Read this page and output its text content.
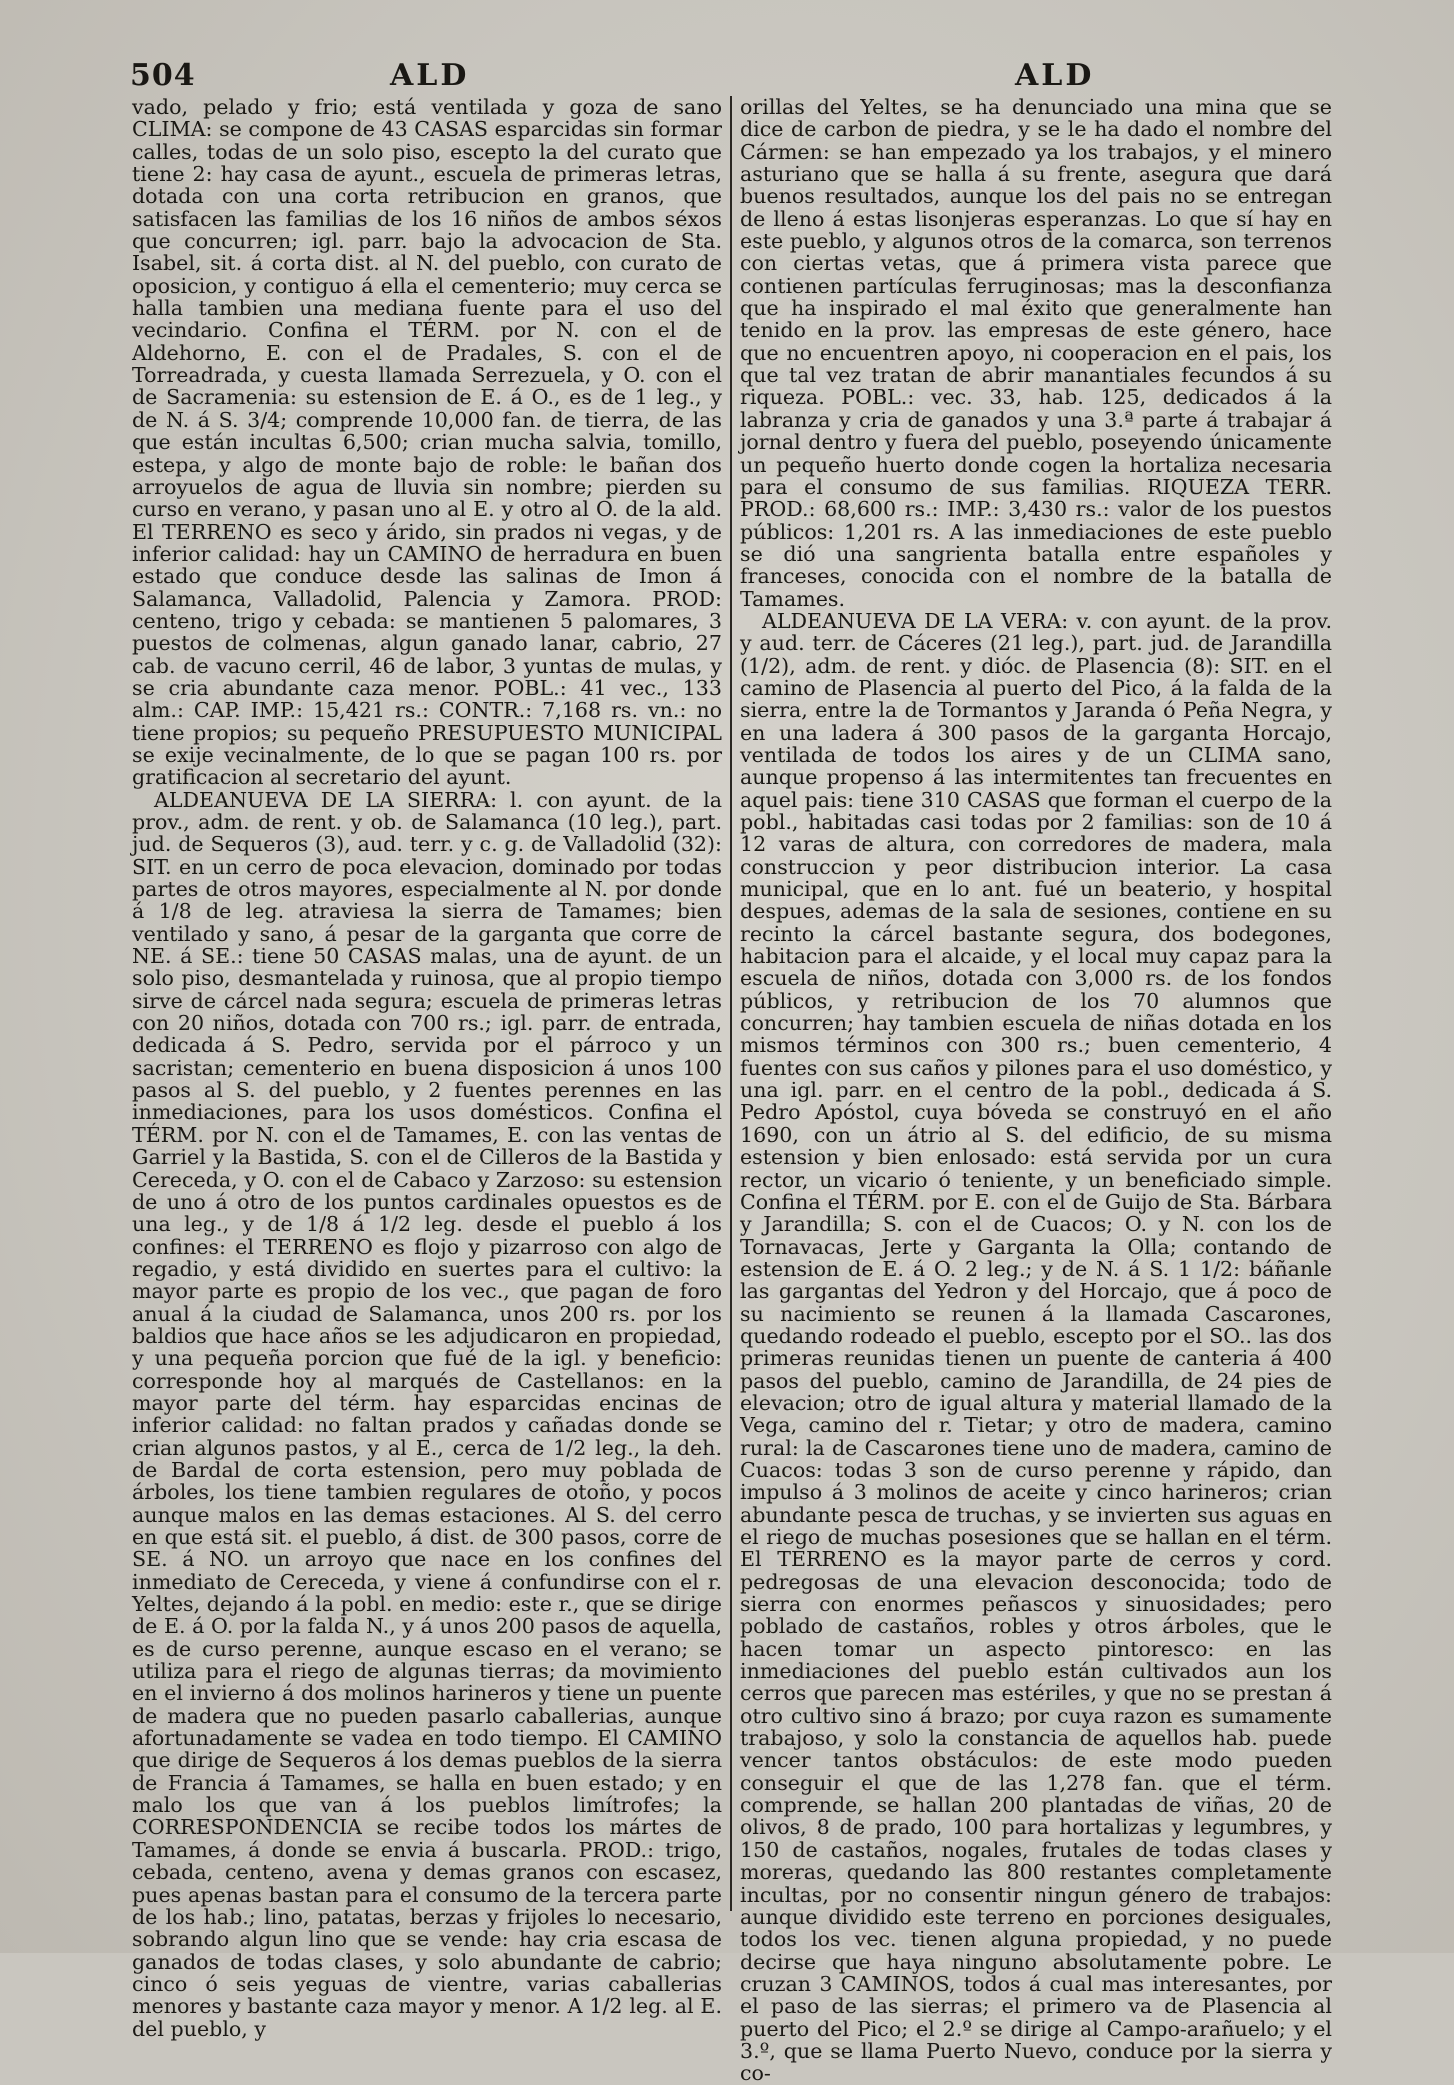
504	ALD	ALD

vado, pelado y frio; está ventilada y goza de sano CLIMA: se compone de 43 CASAS esparcidas sin formar calles, todas de un solo piso, escepto la del curato que tiene 2: hay casa de ayunt., escuela de primeras letras, dotada con una corta retribucion en granos, que satisfacen las familias de los 16 niños de ambos séxos que concurren; igl. parr. bajo la advocacion de Sta. Isabel, sit. á corta dist. al N. del pueblo, con curato de oposicion, y contiguo á ella el cementerio; muy cerca se halla tambien una mediana fuente para el uso del vecindario. Confina el TÉRM. por N. con el de Aldehorno, E. con el de Pradales, S. con el de Torreadrada, y cuesta llamada Serrezuela, y O. con el de Sacramenia: su estension de E. á O., es de 1 leg., y de N. á S. 3/4; comprende 10,000 fan. de tierra, de las que están incultas 6,500; crian mucha salvia, tomillo, estepa, y algo de monte bajo de roble: le bañan dos arroyuelos de agua de lluvia sin nombre; pierden su curso en verano, y pasan uno al E. y otro al O. de la ald. El TERRENO es seco y árido, sin prados ni vegas, y de inferior calidad: hay un CAMINO de herradura en buen estado que conduce desde las salinas de Imon á Salamanca, Valladolid, Palencia y Zamora. PROD: centeno, trigo y cebada: se mantienen 5 palomares, 3 puestos de colmenas, algun ganado lanar, cabrio, 27 cab. de vacuno cerril, 46 de labor, 3 yuntas de mulas, y se cria abundante caza menor. POBL.: 41 vec., 133 alm.: CAP. IMP.: 15,421 rs.: CONTR.: 7,168 rs. vn.: no tiene propios; su pequeño PRESUPUESTO MUNICIPAL se exije vecinalmente, de lo que se pagan 100 rs. por gratificacion al secretario del ayunt.

ALDEANUEVA DE LA SIERRA: l. con ayunt. de la prov., adm. de rent. y ob. de Salamanca (10 leg.), part. jud. de Sequeros (3), aud. terr. y c. g. de Valladolid (32): SIT. en un cerro de poca elevacion, dominado por todas partes de otros mayores, especialmente al N. por donde á 1/8 de leg. atraviesa la sierra de Tamames; bien ventilado y sano, á pesar de la garganta que corre de NE. á SE.: tiene 50 CASAS malas, una de ayunt. de un solo piso, desmantelada y ruinosa, que al propio tiempo sirve de cárcel nada segura; escuela de primeras letras con 20 niños, dotada con 700 rs.; igl. parr. de entrada, dedicada á S. Pedro, servida por el párroco y un sacristan; cementerio en buena disposicion á unos 100 pasos al S. del pueblo, y 2 fuentes perennes en las inmediaciones, para los usos domésticos. Confina el TÉRM. por N. con el de Tamames, E. con las ventas de Garriel y la Bastida, S. con el de Cilleros de la Bastida y Cereceda, y O. con el de Cabaco y Zarzoso: su estension de uno á otro de los puntos cardinales opuestos es de una leg., y de 1/8 á 1/2 leg. desde el pueblo á los confines: el TERRENO es flojo y pizarroso con algo de regadio, y está dividido en suertes para el cultivo: la mayor parte es propio de los vec., que pagan de foro anual á la ciudad de Salamanca, unos 200 rs. por los baldios que hace años se les adjudicaron en propiedad, y una pequeña porcion que fué de la igl. y beneficio: corresponde hoy al marqués de Castellanos: en la mayor parte del térm. hay esparcidas encinas de inferior calidad: no faltan prados y cañadas donde se crian algunos pastos, y al E., cerca de 1/2 leg., la deh. de Bardal de corta estension, pero muy poblada de árboles, los tiene tambien regulares de otoño, y pocos aunque malos en las demas estaciones. Al S. del cerro en que está sit. el pueblo, á dist. de 300 pasos, corre de SE. á NO. un arroyo que nace en los confines del inmediato de Cereceda, y viene á confundirse con el r. Yeltes, dejando á la pobl. en medio: este r., que se dirige de E. á O. por la falda N., y á unos 200 pasos de aquella, es de curso perenne, aunque escaso en el verano; se utiliza para el riego de algunas tierras; da movimiento en el invierno á dos molinos harineros y tiene un puente de madera que no pueden pasarlo caballerias, aunque afortunadamente se vadea en todo tiempo. El CAMINO que dirige de Sequeros á los demas pueblos de la sierra de Francia á Tamames, se halla en buen estado; y en malo los que van á los pueblos limítrofes; la CORRESPONDENCIA se recibe todos los mártes de Tamames, á donde se envia á buscarla. PROD.: trigo, cebada, centeno, avena y demas granos con escasez, pues apenas bastan para el consumo de la tercera parte de los hab.; lino, patatas, berzas y frijoles lo necesario, sobrando algun lino que se vende: hay cria escasa de ganados de todas clases, y solo abundante de cabrio; cinco ó seis yeguas de vientre, varias caballerias menores y bastante caza mayor y menor. A 1/2 leg. al E. del pueblo, y

orillas del Yeltes, se ha denunciado una mina que se dice de carbon de piedra, y se le ha dado el nombre del Cármen: se han empezado ya los trabajos, y el minero asturiano que se halla á su frente, asegura que dará buenos resultados, aunque los del pais no se entregan de lleno á estas lisonjeras esperanzas. Lo que sí hay en este pueblo, y algunos otros de la comarca, son terrenos con ciertas vetas, que á primera vista parece que contienen partículas ferruginosas; mas la desconfianza que ha inspirado el mal éxito que generalmente han tenido en la prov. las empresas de este género, hace que no encuentren apoyo, ni cooperacion en el pais, los que tal vez tratan de abrir manantiales fecundos á su riqueza. POBL.: vec. 33, hab. 125, dedicados á la labranza y cria de ganados y una 3.ª parte á trabajar á jornal dentro y fuera del pueblo, poseyendo únicamente un pequeño huerto donde cogen la hortaliza necesaria para el consumo de sus familias. RIQUEZA TERR. PROD.: 68,600 rs.: IMP.: 3,430 rs.: valor de los puestos públicos: 1,201 rs. A las inmediaciones de este pueblo se dió una sangrienta batalla entre españoles y franceses, conocida con el nombre de la batalla de Tamames.

ALDEANUEVA DE LA VERA: v. con ayunt. de la prov. y aud. terr. de Cáceres (21 leg.), part. jud. de Jarandilla (1/2), adm. de rent. y dióc. de Plasencia (8): SIT. en el camino de Plasencia al puerto del Pico, á la falda de la sierra, entre la de Tormantos y Jaranda ó Peña Negra, y en una ladera á 300 pasos de la garganta Horcajo, ventilada de todos los aires y de un CLIMA sano, aunque propenso á las intermitentes tan frecuentes en aquel pais: tiene 310 CASAS que forman el cuerpo de la pobl., habitadas casi todas por 2 familias: son de 10 á 12 varas de altura, con corredores de madera, mala construccion y peor distribucion interior. La casa municipal, que en lo ant. fué un beaterio, y hospital despues, ademas de la sala de sesiones, contiene en su recinto la cárcel bastante segura, dos bodegones, habitacion para el alcaide, y el local muy capaz para la escuela de niños, dotada con 3,000 rs. de los fondos públicos, y retribucion de los 70 alumnos que concurren; hay tambien escuela de niñas dotada en los mismos términos con 300 rs.; buen cementerio, 4 fuentes con sus caños y pilones para el uso doméstico, y una igl. parr. en el centro de la pobl., dedicada á S. Pedro Apóstol, cuya bóveda se construyó en el año 1690, con un átrio al S. del edificio, de su misma estension y bien enlosado: está servida por un cura rector, un vicario ó teniente, y un beneficiado simple. Confina el TÉRM. por E. con el de Guijo de Sta. Bárbara y Jarandilla; S. con el de Cuacos; O. y N. con los de Tornavacas, Jerte y Garganta la Olla; contando de estension de E. á O. 2 leg.; y de N. á S. 1 1/2: báñanle las gargantas del Yedron y del Horcajo, que á poco de su nacimiento se reunen á la llamada Cascarones, quedando rodeado el pueblo, escepto por el SO.. las dos primeras reunidas tienen un puente de canteria á 400 pasos del pueblo, camino de Jarandilla, de 24 pies de elevacion; otro de igual altura y material llamado de la Vega, camino del r. Tietar; y otro de madera, camino rural: la de Cascarones tiene uno de madera, camino de Cuacos: todas 3 son de curso perenne y rápido, dan impulso á 3 molinos de aceite y cinco harineros; crian abundante pesca de truchas, y se invierten sus aguas en el riego de muchas posesiones que se hallan en el térm. El TERRENO es la mayor parte de cerros y cord. pedregosas de una elevacion desconocida; todo de sierra con enormes peñascos y sinuosidades; pero poblado de castaños, robles y otros árboles, que le hacen tomar un aspecto pintoresco: en las inmediaciones del pueblo están cultivados aun los cerros que parecen mas estériles, y que no se prestan á otro cultivo sino á brazo; por cuya razon es sumamente trabajoso, y solo la constancia de aquellos hab. puede vencer tantos obstáculos: de este modo pueden conseguir el que de las 1,278 fan. que el térm. comprende, se hallan 200 plantadas de viñas, 20 de olivos, 8 de prado, 100 para hortalizas y legumbres, y 150 de castaños, nogales, frutales de todas clases y moreras, quedando las 800 restantes completamente incultas, por no consentir ningun género de trabajos: aunque dividido este terreno en porciones desiguales, todos los vec. tienen alguna propiedad, y no puede decirse que haya ninguno absolutamente pobre. Le cruzan 3 CAMINOS, todos á cual mas interesantes, por el paso de las sierras; el primero va de Plasencia al puerto del Pico; el 2.º se dirige al Campo-arañuelo; y el 3.º, que se llama Puerto Nuevo, conduce por la sierra y co-
